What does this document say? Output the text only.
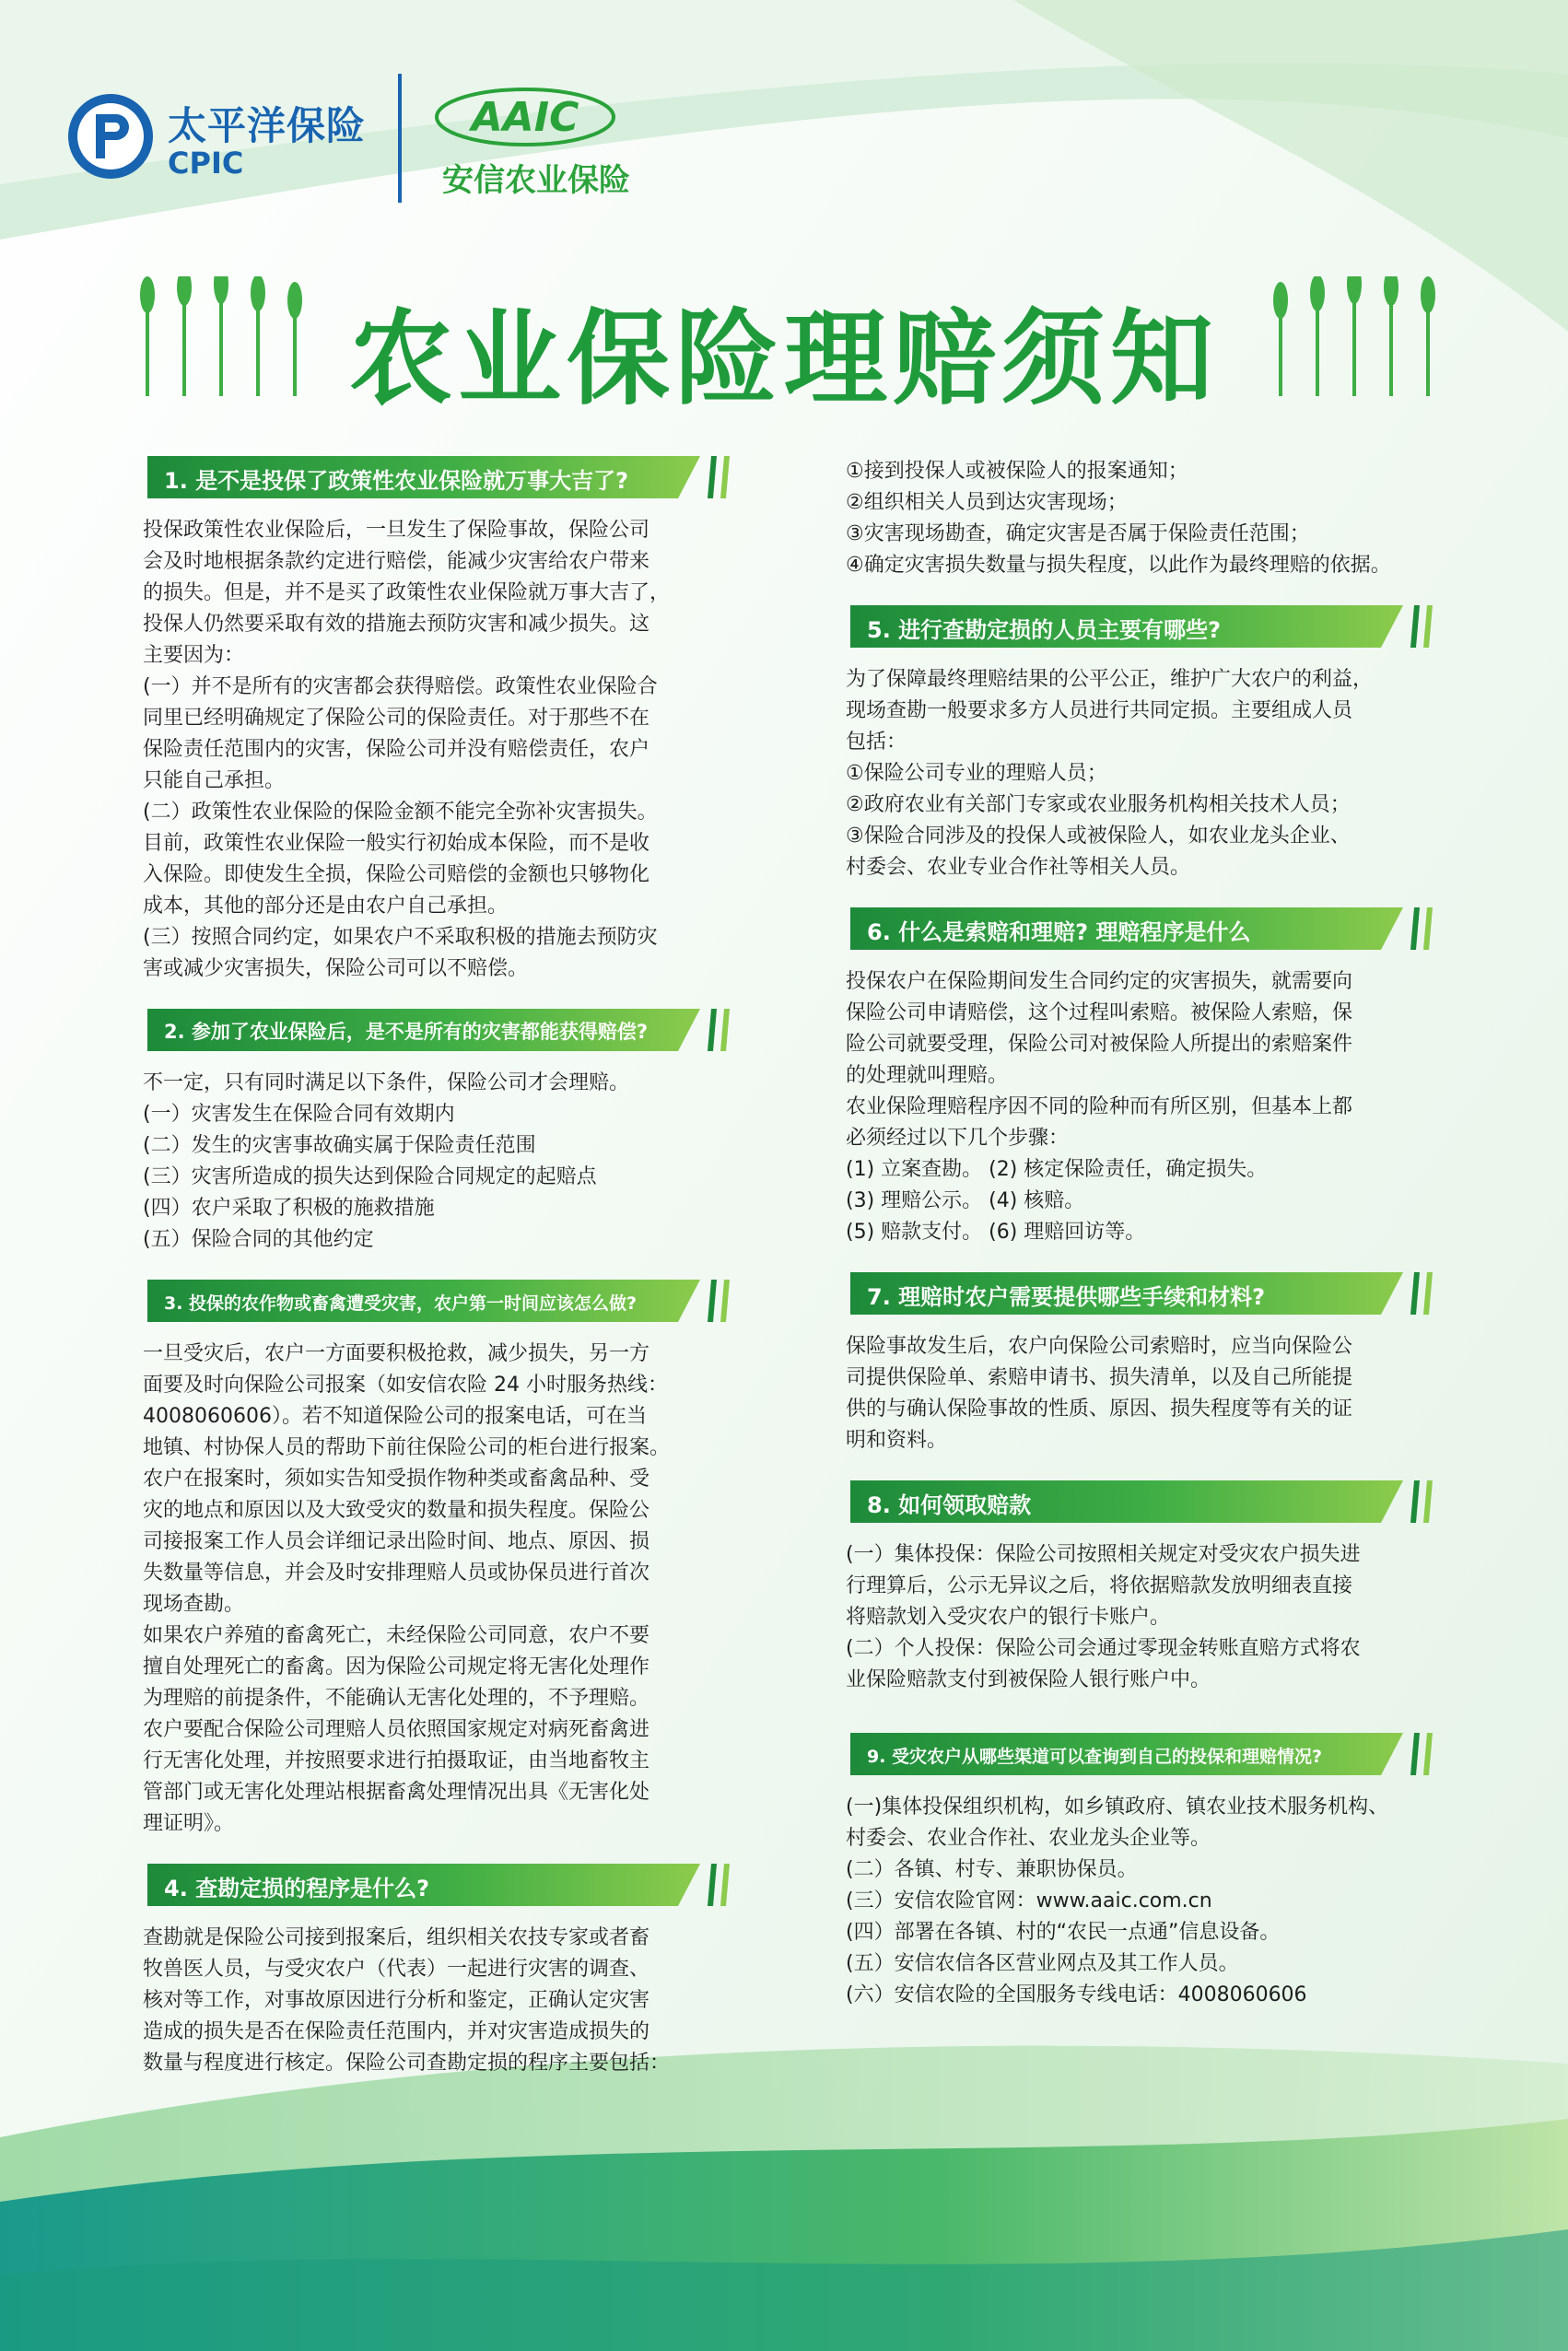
太平洋保险
CPIC
AAIC
安信农业保险
农业保险理赔须知
1. 是不是投保了政策性农业保险就万事大吉了?

投保政策性农业保险后，一旦发生了保险事故，保险公司

会及时地根据条款约定进行赔偿，能减少灾害给农户带来

的损失。但是，并不是买了政策性农业保险就万事大吉了，

投保人仍然要采取有效的措施去预防灾害和减少损失。这

主要因为：

(一）并不是所有的灾害都会获得赔偿。政策性农业保险合

同里已经明确规定了保险公司的保险责任。对于那些不在

保险责任范围内的灾害，保险公司并没有赔偿责任，农户

只能自己承担。

(二）政策性农业保险的保险金额不能完全弥补灾害损失。

目前，政策性农业保险一般实行初始成本保险，而不是收

入保险。即使发生全损，保险公司赔偿的金额也只够物化

成本，其他的部分还是由农户自己承担。

(三）按照合同约定，如果农户不采取积极的措施去预防灾

害或减少灾害损失，保险公司可以不赔偿。

2. 参加了农业保险后，是不是所有的灾害都能获得赔偿?

不一定，只有同时满足以下条件，保险公司才会理赔。

(一）灾害发生在保险合同有效期内

(二）发生的灾害事故确实属于保险责任范围

(三）灾害所造成的损失达到保险合同规定的起赔点

(四）农户采取了积极的施救措施

(五）保险合同的其他约定

3. 投保的农作物或畜禽遭受灾害，农户第一时间应该怎么做?

一旦受灾后，农户一方面要积极抢救，减少损失，另一方

面要及时向保险公司报案（如安信农险 24 小时服务热线：

4008060606）。若不知道保险公司的报案电话，可在当

地镇、村协保人员的帮助下前往保险公司的柜台进行报案。

农户在报案时，须如实告知受损作物种类或畜禽品种、受

灾的地点和原因以及大致受灾的数量和损失程度。保险公

司接报案工作人员会详细记录出险时间、地点、原因、损

失数量等信息，并会及时安排理赔人员或协保员进行首次

现场查勘。

如果农户养殖的畜禽死亡，未经保险公司同意，农户不要

擅自处理死亡的畜禽。因为保险公司规定将无害化处理作

为理赔的前提条件，不能确认无害化处理的，不予理赔。

农户要配合保险公司理赔人员依照国家规定对病死畜禽进

行无害化处理，并按照要求进行拍摄取证，由当地畜牧主

管部门或无害化处理站根据畜禽处理情况出具《无害化处

理证明》。

4. 查勘定损的程序是什么?

查勘就是保险公司接到报案后，组织相关农技专家或者畜

牧兽医人员，与受灾农户（代表）一起进行灾害的调查、

核对等工作，对事故原因进行分析和鉴定，正确认定灾害

造成的损失是否在保险责任范围内，并对灾害造成损失的

数量与程度进行核定。保险公司查勘定损的程序主要包括：

①接到投保人或被保险人的报案通知；

②组织相关人员到达灾害现场；

③灾害现场勘查，确定灾害是否属于保险责任范围；

④确定灾害损失数量与损失程度，以此作为最终理赔的依据。

5. 进行查勘定损的人员主要有哪些?

为了保障最终理赔结果的公平公正，维护广大农户的利益，

现场查勘一般要求多方人员进行共同定损。主要组成人员

包括：

①保险公司专业的理赔人员；

②政府农业有关部门专家或农业服务机构相关技术人员；

③保险合同涉及的投保人或被保险人，如农业龙头企业、

村委会、农业专业合作社等相关人员。

6. 什么是索赔和理赔? 理赔程序是什么

投保农户在保险期间发生合同约定的灾害损失，就需要向

保险公司申请赔偿，这个过程叫索赔。被保险人索赔，保

险公司就要受理，保险公司对被保险人所提出的索赔案件

的处理就叫理赔。

农业保险理赔程序因不同的险种而有所区别，但基本上都

必须经过以下几个步骤：

(1) 立案查勘。 (2) 核定保险责任，确定损失。

(3) 理赔公示。 (4) 核赔。

(5) 赔款支付。 (6) 理赔回访等。

7. 理赔时农户需要提供哪些手续和材料?

保险事故发生后，农户向保险公司索赔时，应当向保险公

司提供保险单、索赔申请书、损失清单，以及自己所能提

供的与确认保险事故的性质、原因、损失程度等有关的证

明和资料。

8. 如何领取赔款

(一）集体投保：保险公司按照相关规定对受灾农户损失进

行理算后，公示无异议之后，将依据赔款发放明细表直接

将赔款划入受灾农户的银行卡账户。

(二）个人投保：保险公司会通过零现金转账直赔方式将农

业保险赔款支付到被保险人银行账户中。

9. 受灾农户从哪些渠道可以查询到自己的投保和理赔情况?

(一)集体投保组织机构，如乡镇政府、镇农业技术服务机构、

村委会、农业合作社、农业龙头企业等。

(二）各镇、村专、兼职协保员。

(三）安信农险官网：www.aaic.com.cn

(四）部署在各镇、村的“农民一点通”信息设备。

(五）安信农信各区营业网点及其工作人员。

(六）安信农险的全国服务专线电话：4008060606
